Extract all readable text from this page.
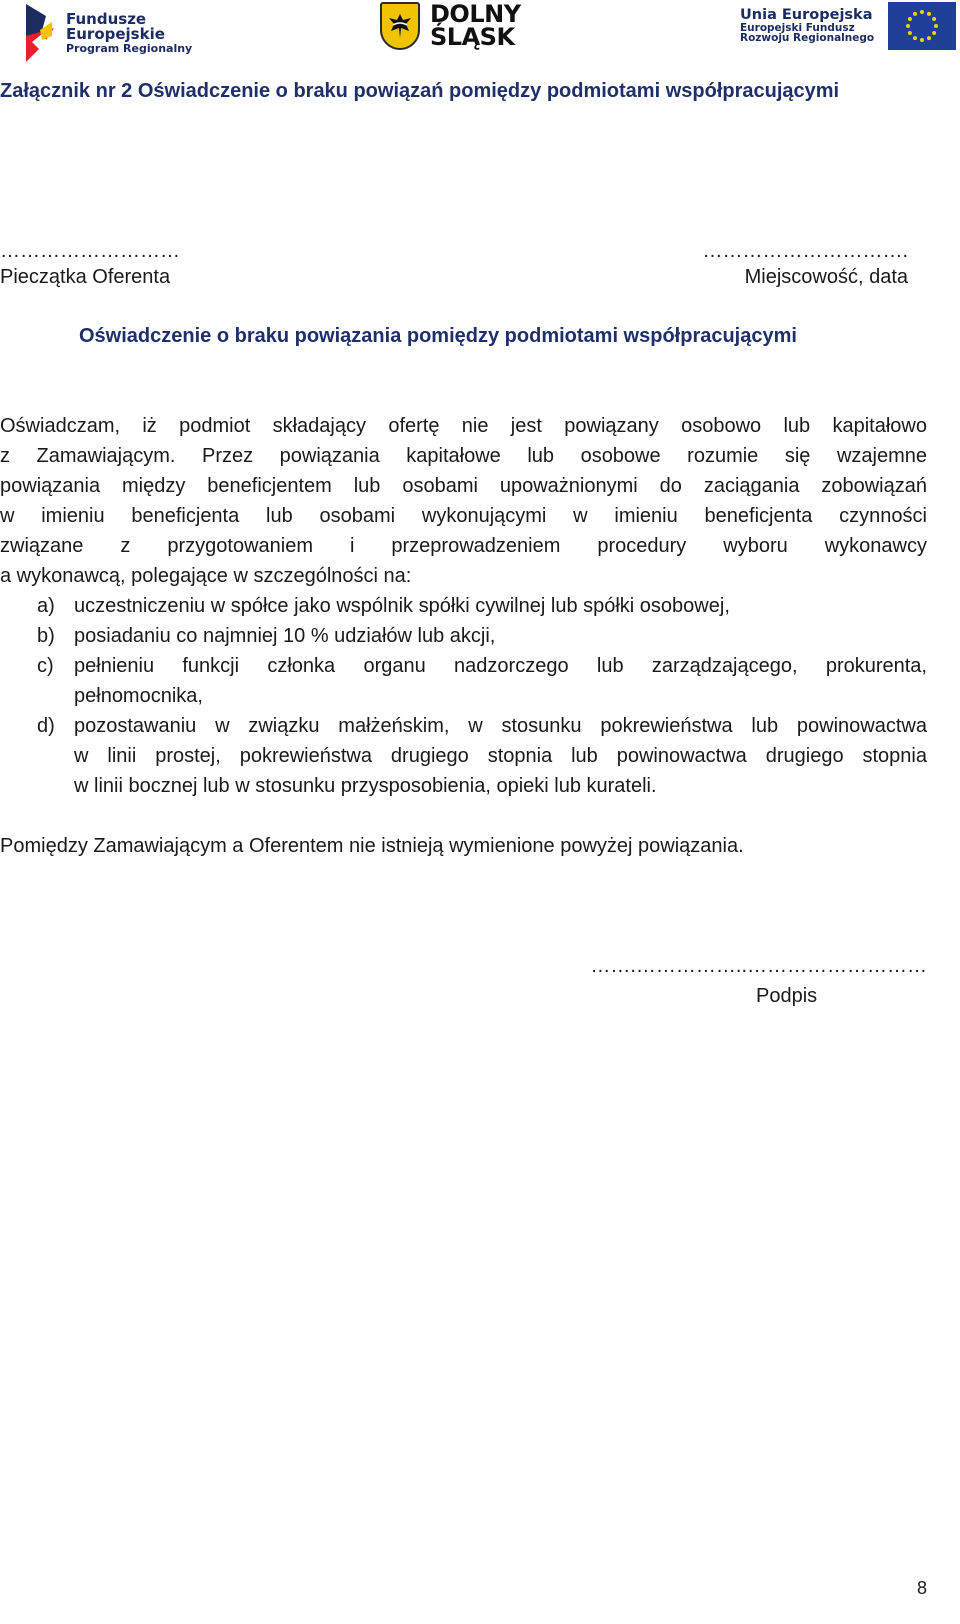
Fundusze
Europejskie
Program Regionalny
DOLNY
ŚLĄSK
Unia Europejska
Europejski Fundusz
Rozwoju Regionalnego
Załącznik nr 2 Oświadczenie o braku powiązań pomiędzy podmiotami współpracującymi
………………………	………………………….
Pieczątka Oferenta	Miejscowość, data
Oświadczenie o braku powiązania pomiędzy podmiotami współpracującymi
Oświadczam, iż podmiot składający ofertę nie jest powiązany osobowo lub kapitałowo
z Zamawiającym. Przez powiązania kapitałowe lub osobowe rozumie się wzajemne
powiązania między beneficjentem lub osobami upoważnionymi do zaciągania zobowiązań
w imieniu beneficjenta lub osobami wykonującymi w imieniu beneficjenta czynności
związane z przygotowaniem i przeprowadzeniem procedury wyboru wykonawcy
a wykonawcą, polegające w szczególności na:
a) uczestniczeniu w spółce jako wspólnik spółki cywilnej lub spółki osobowej,
b) posiadaniu co najmniej 10 % udziałów lub akcji,
c) pełnieniu funkcji członka organu nadzorczego lub zarządzającego, prokurenta,
pełnomocnika,
d) pozostawaniu w związku małżeńskim, w stosunku pokrewieństwa lub powinowactwa
w linii prostej, pokrewieństwa drugiego stopnia lub powinowactwa drugiego stopnia
w linii bocznej lub w stosunku przysposobienia, opieki lub kurateli.
Pomiędzy Zamawiającym a Oferentem nie istnieją wymienione powyżej powiązania.
…….……………..………………………
Podpis
8
